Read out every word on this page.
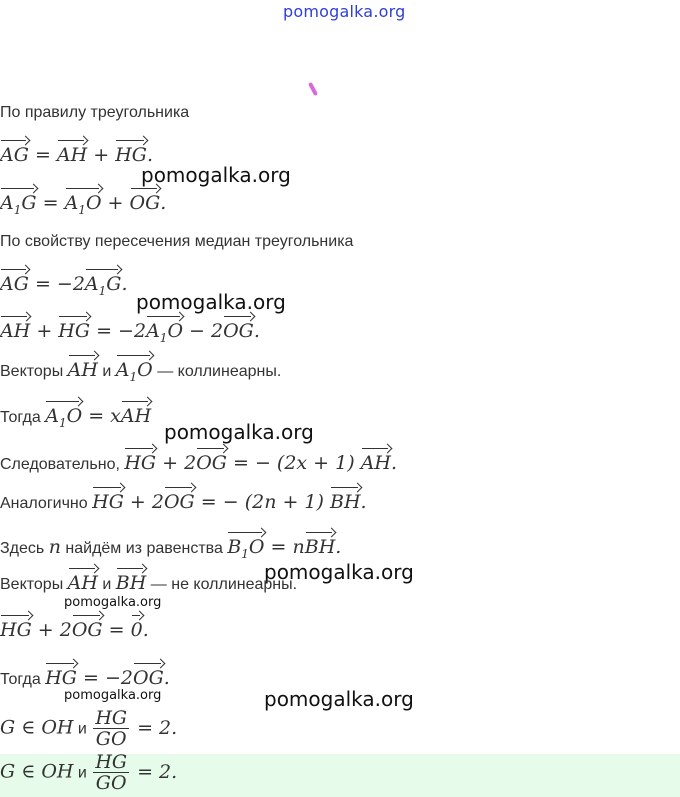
pomogalka.org
По правилу треугольника
AG = AH + HG.
pomogalka.org
$A_1G = A_1O$ + OG.
По свойству пересечения медиан треугольника
AG = $-2A_1G$.
pomogalka.org
AH + HG = $-2A_1O - 2OG$.
Векторы AH и $A_1O$ — коллинеарны.
Тогда $A_1O$ = xAH
pomogalka.org
Следовательно, HG + 2OG = − (2x + 1) AH.
Аналогично HG + 2OG = − (2n + 1) BH.
Здесь n найдём из равенства $B_1O$ = nBH.
pomogalka.org
Векторы AH и BH — не коллинеарны.
pomogalka.org
HG + 2OG = 0.
Тогда HG = −2OG.
pomogalka.org	pomogalka.org
G ∈ OH и $\frac{HG}{GO} = 2$.
G ∈ OH и $\frac{HG}{GO} = 2$.
